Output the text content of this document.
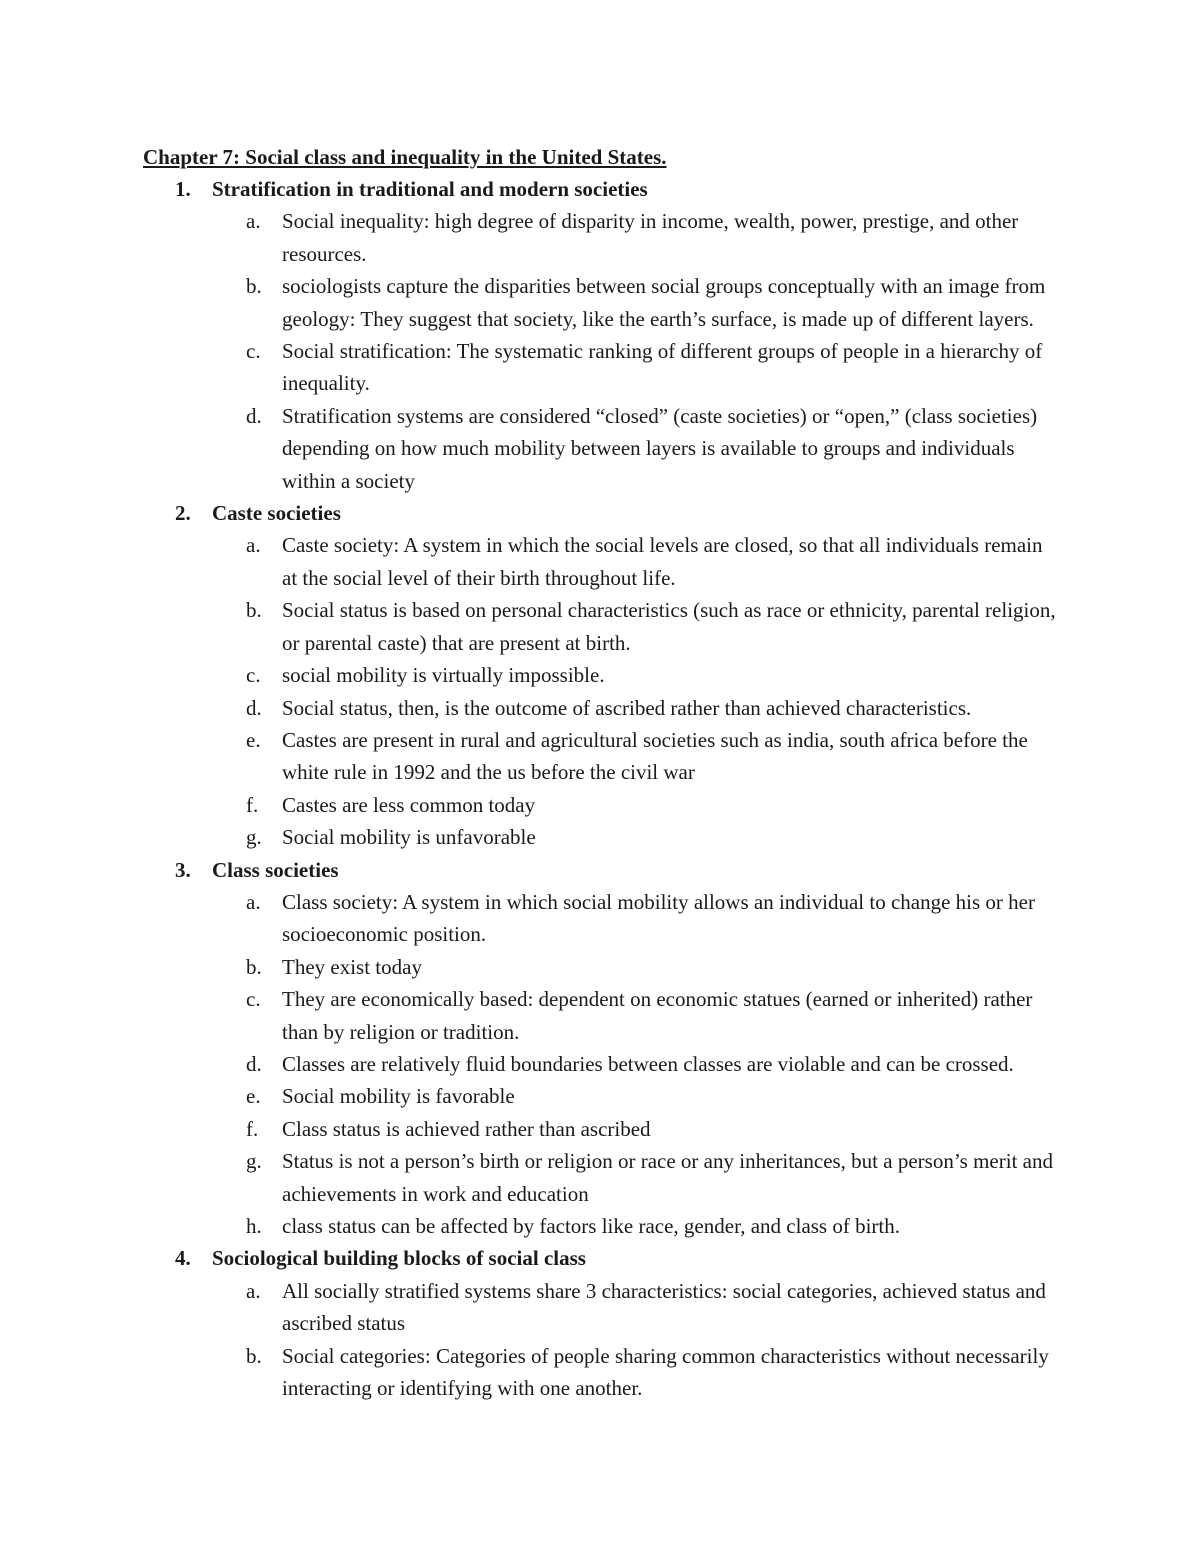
Chapter 7: Social class and inequality in the United States.
1.	Stratification in traditional and modern societies
a.	Social inequality: high degree of disparity in income, wealth, power, prestige, and other resources.
b. sociologists capture the disparities between social groups conceptually with an image from geology: They suggest that society, like the earth’s surface, is made up of different layers.
c.	Social stratification: The systematic ranking of different groups of people in a hierarchy of inequality.
d. Stratification systems are considered “closed” (caste societies) or “open,” (class societies) depending on how much mobility between layers is available to groups and individuals within a society
2.	Caste societies
a.	Caste society: A system in which the social levels are closed, so that all individuals remain at the social level of their birth throughout life.
b. Social status is based on personal characteristics (such as race or ethnicity, parental religion, or parental caste) that are present at birth.
c.	social mobility is virtually impossible.
d. Social status, then, is the outcome of ascribed rather than achieved characteristics.
e.	Castes are present in rural and agricultural societies such as india, south africa before the white rule in 1992 and the us before the civil war
f.	Castes are less common today
g. Social mobility is unfavorable
3.	Class societies
a.	Class society: A system in which social mobility allows an individual to change his or her socioeconomic position.
b. They exist today
c.	They are economically based: dependent on economic statues (earned or inherited) rather than by religion or tradition.
d. Classes are relatively fluid boundaries between classes are violable and can be crossed.
e.	Social mobility is favorable
f.	Class status is achieved rather than ascribed
g. Status is not a person’s birth or religion or race or any inheritances, but a person’s merit and achievements in work and education
h. class status can be affected by factors like race, gender, and class of birth.
4.	Sociological building blocks of social class
a.	All socially stratified systems share 3 characteristics: social categories, achieved status and ascribed status
b. Social categories: Categories of people sharing common characteristics without necessarily interacting or identifying with one another.
